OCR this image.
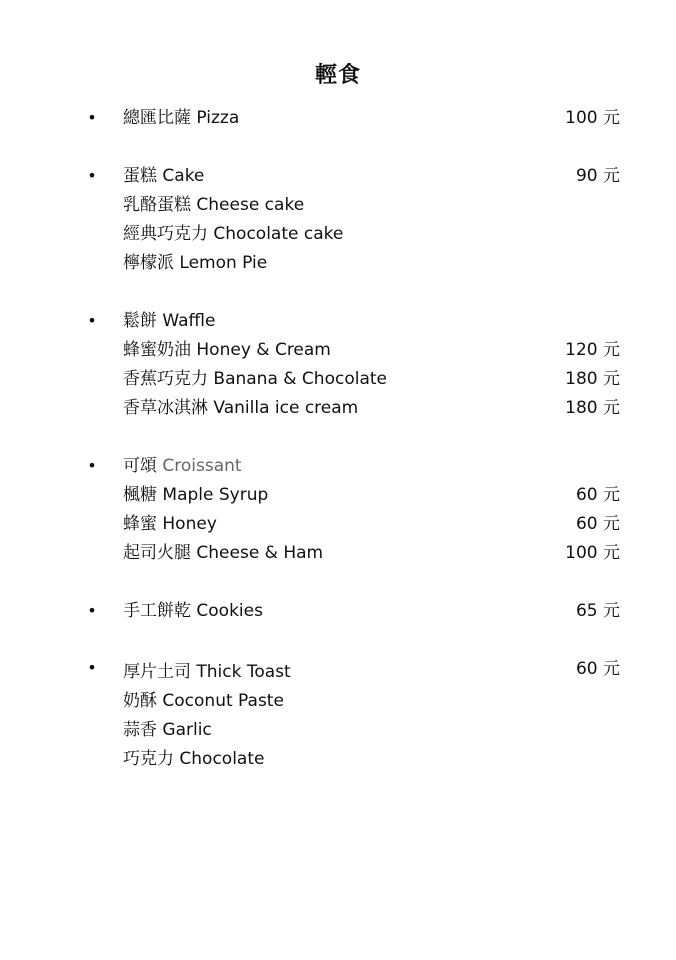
輕食
• 總匯比薩 Pizza	100 元
• 蛋糕 Cake	90 元
乳酪蛋糕 Cheese cake
經典巧克力 Chocolate cake
檸檬派 Lemon Pie
• 鬆餅 Waffle
蜂蜜奶油 Honey & Cream	120 元
香蕉巧克力 Banana & Chocolate	180 元
香草冰淇淋 Vanilla ice cream	180 元
• 可頌 Croissant
楓糖 Maple Syrup	60 元
蜂蜜 Honey	60 元
起司火腿 Cheese & Ham	100 元
• 手工餅乾 Cookies	65 元
• 厚片土司 Thick Toast	60 元
奶酥 Coconut Paste
蒜香 Garlic
巧克力 Chocolate
